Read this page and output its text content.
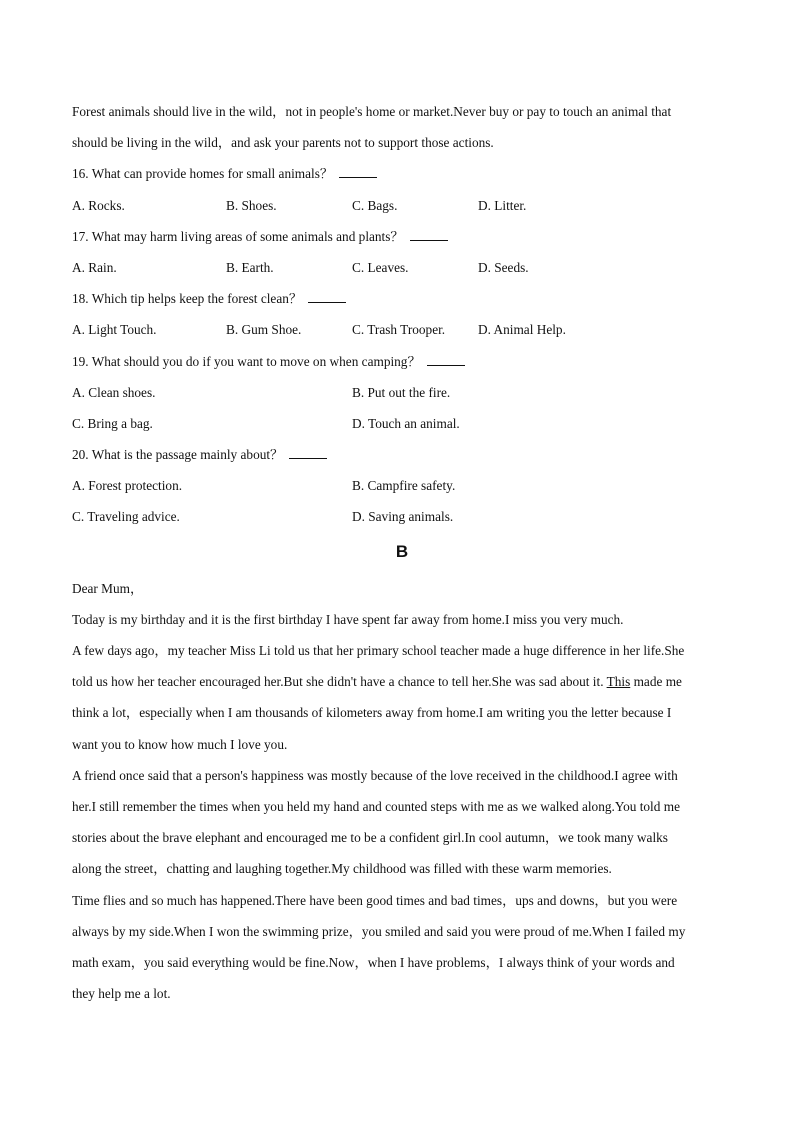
Forest animals should live in the wild，not in people's home or market.Never buy or pay to touch an animal that
should be living in the wild，and ask your parents not to support those actions.
16. What can provide homes for small animals？
A. Rocks.	B. Shoes.	C. Bags.	D. Litter.
17. What may harm living areas of some animals and plants？
A. Rain.	B. Earth.	C. Leaves.	D. Seeds.
18. Which tip helps keep the forest clean？
A. Light Touch.	B. Gum Shoe.	C. Trash Trooper. D. Animal Help.
19. What should you do if you want to move on when camping？
A. Clean shoes.	B. Put out the fire.
C. Bring a bag.	D. Touch an animal.
20. What is the passage mainly about？
A. Forest protection.	B. Campfire safety.
C. Traveling advice.	D. Saving animals.
B
Dear Mum，
Today is my birthday and it is the first birthday I have spent far away from home.I miss you very much.
A few days ago，my teacher Miss Li told us that her primary school teacher made a huge difference in her life.She
told us how her teacher encouraged her.But she didn't have a chance to tell her.She was sad about it. This made me
think a lot，especially when I am thousands of kilometers away from home.I am writing you the letter because I
want you to know how much I love you.
A friend once said that a person's happiness was mostly because of the love received in the childhood.I agree with
her.I still remember the times when you held my hand and counted steps with me as we walked along.You told me
stories about the brave elephant and encouraged me to be a confident girl.In cool autumn，we took many walks
along the street，chatting and laughing together.My childhood was filled with these warm memories.
Time flies and so much has happened.There have been good times and bad times，ups and downs，but you were
always by my side.When I won the swimming prize，you smiled and said you were proud of me.When I failed my
math exam，you said everything would be fine.Now，when I have problems，I always think of your words and
they help me a lot.
